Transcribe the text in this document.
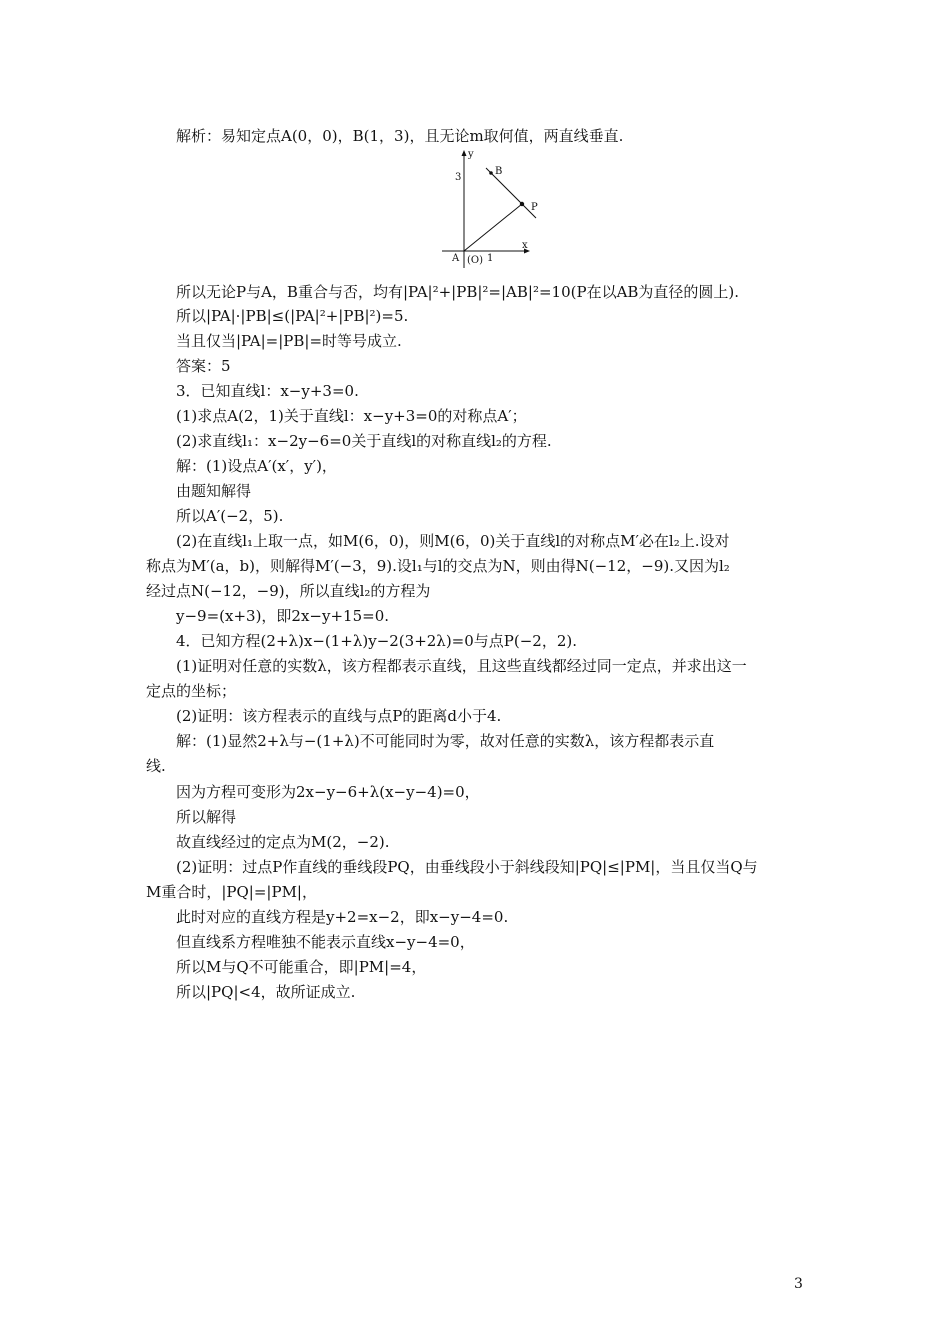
解析：易知定点A(0，0)，B(1，3)，且无论m取何值，两直线垂直.
y
x
3
1
B
P
A (O)
所以无论P与A，B重合与否，均有|PA|²+|PB|²=|AB|²=10(P在以AB为直径的圆上).
所以|PA|·|PB|≤(|PA|²+|PB|²)=5.
当且仅当|PA|=|PB|=时等号成立.
答案：5
3．已知直线l：x−y+3=0.
(1)求点A(2，1)关于直线l：x−y+3=0的对称点A′；
(2)求直线l₁：x−2y−6=0关于直线l的对称直线l₂的方程.
解：(1)设点A′(x′，y′)，
由题知解得
所以A′(−2，5).
(2)在直线l₁上取一点，如M(6，0)，则M(6，0)关于直线l的对称点M′必在l₂上.设对
称点为M′(a，b)，则解得M′(−3，9).设l₁与l的交点为N，则由得N(−12，−9).又因为l₂
经过点N(−12，−9)，所以直线l₂的方程为
y−9=(x+3)，即2x−y+15=0.
4．已知方程(2+λ)x−(1+λ)y−2(3+2λ)=0与点P(−2，2).
(1)证明对任意的实数λ，该方程都表示直线，且这些直线都经过同一定点，并求出这一
定点的坐标；
(2)证明：该方程表示的直线与点P的距离d小于4.
解：(1)显然2+λ与−(1+λ)不可能同时为零，故对任意的实数λ，该方程都表示直
线.
因为方程可变形为2x−y−6+λ(x−y−4)=0，
所以解得
故直线经过的定点为M(2，−2).
(2)证明：过点P作直线的垂线段PQ，由垂线段小于斜线段知|PQ|≤|PM|，当且仅当Q与
M重合时，|PQ|=|PM|，
此时对应的直线方程是y+2=x−2，即x−y−4=0.
但直线系方程唯独不能表示直线x−y−4=0，
所以M与Q不可能重合，即|PM|=4，
所以|PQ|<4，故所证成立.
3
